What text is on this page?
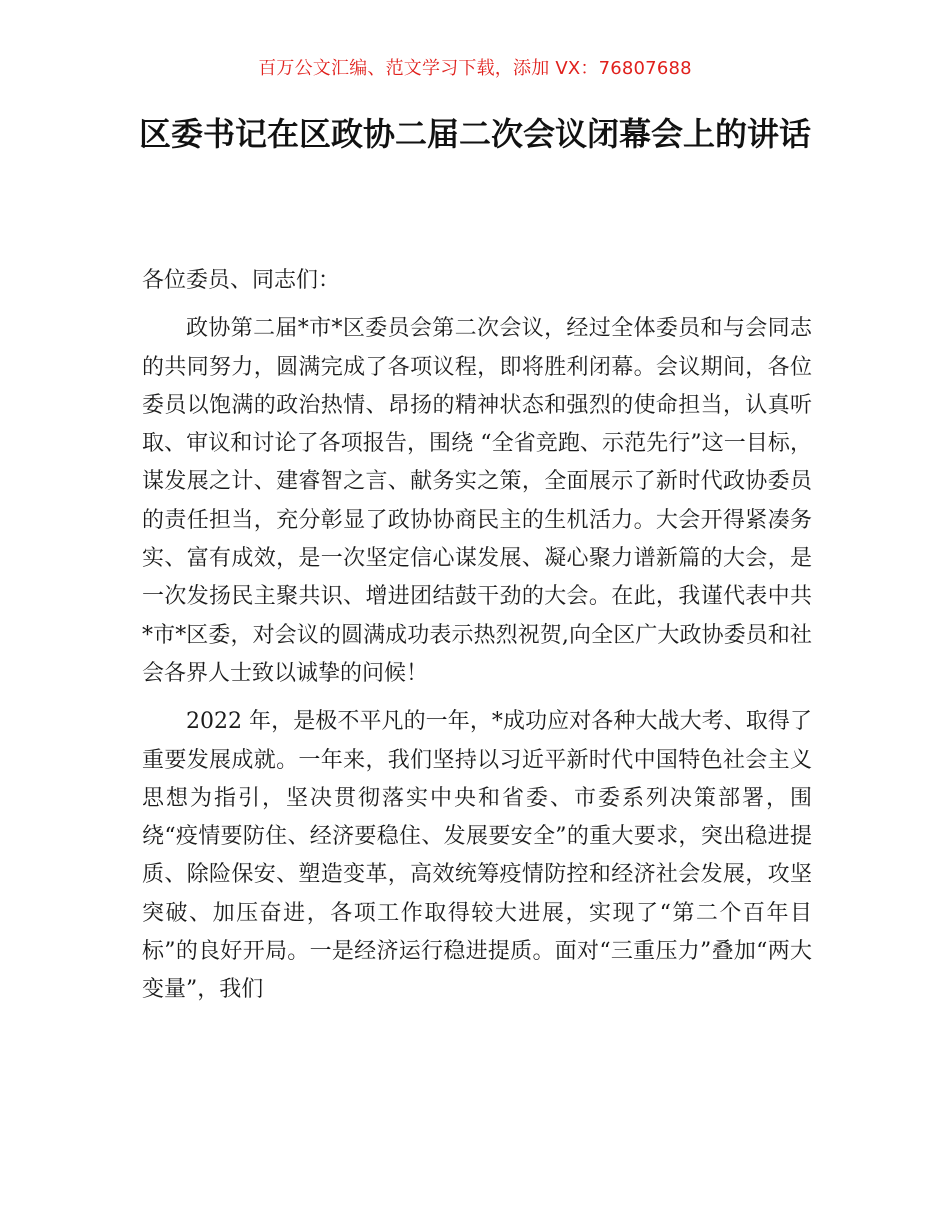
百万公文汇编、范文学习下载，添加 VX：76807688
区委书记在区政协二届二次会议闭幕会上的讲话

各位委员、同志们：

政协第二届*市*区委员会第二次会议，经过全体委员和与会同志的共同努力，圆满完成了各项议程，即将胜利闭幕。会议期间，各位委员以饱满的政治热情、昂扬的精神状态和强烈的使命担当，认真听取、审议和讨论了各项报告，围绕 “全省竞跑、示范先行”这一目标，谋发展之计、建睿智之言、献务实之策，全面展示了新时代政协委员的责任担当，充分彰显了政协协商民主的生机活力。大会开得紧凑务实、富有成效，是一次坚定信心谋发展、凝心聚力谱新篇的大会，是一次发扬民主聚共识、增进团结鼓干劲的大会。在此，我谨代表中共*市*区委，对会议的圆满成功表示热烈祝贺,向全区广大政协委员和社会各界人士致以诚挚的问候！

2022 年，是极不平凡的一年，*成功应对各种大战大考、取得了重要发展成就。一年来，我们坚持以习近平新时代中国特色社会主义思想为指引，坚决贯彻落实中央和省委、市委系列决策部署，围绕“疫情要防住、经济要稳住、发展要安全”的重大要求，突出稳进提质、除险保安、塑造变革，高效统筹疫情防控和经济社会发展，攻坚突破、加压奋进，各项工作取得较大进展，实现了“第二个百年目标”的良好开局。一是经济运行稳进提质。面对“三重压力”叠加“两大变量”，我们
